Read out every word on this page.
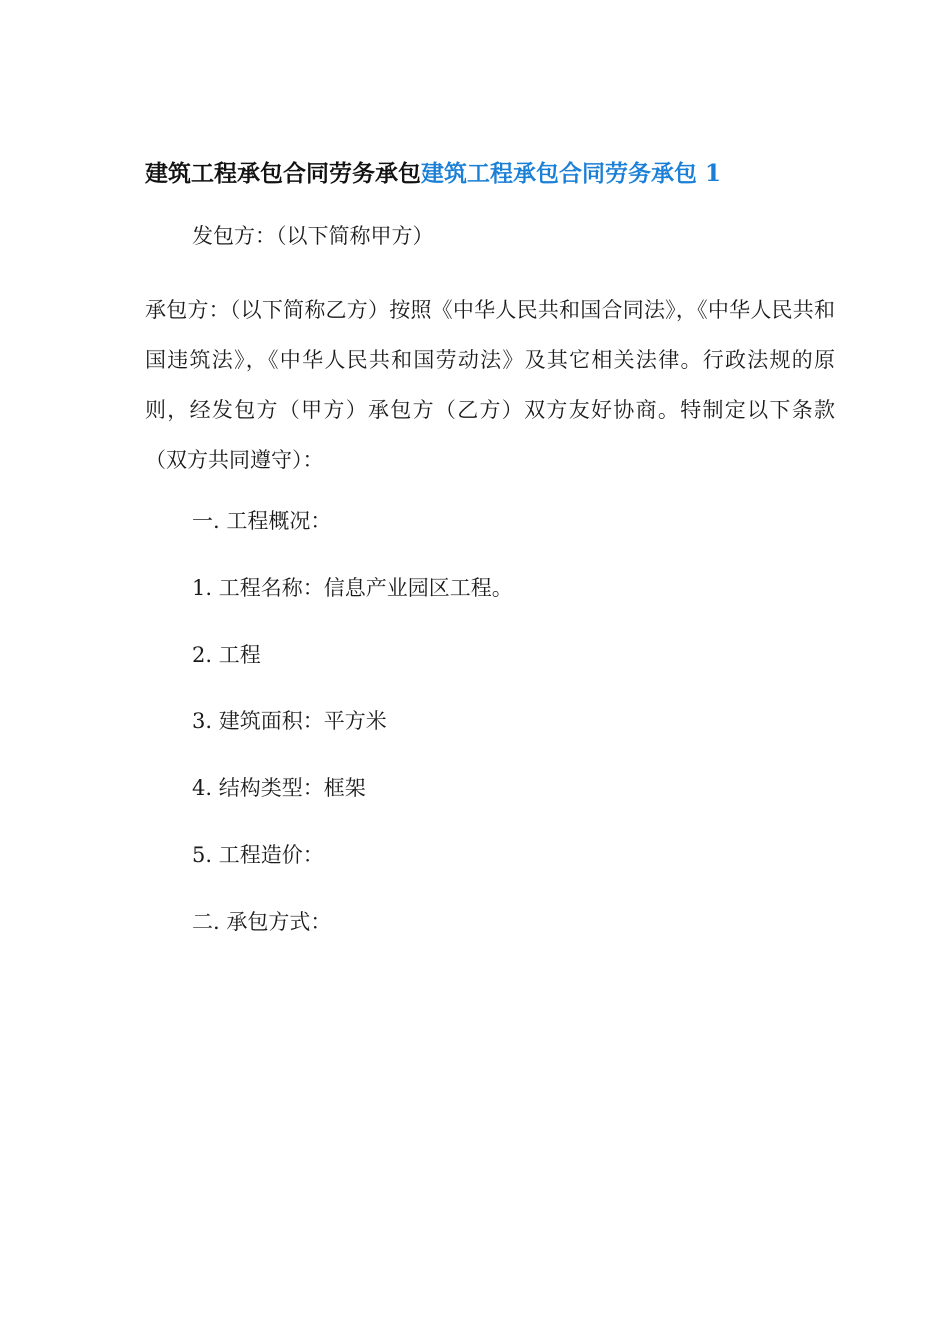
建筑工程承包合同劳务承包建筑工程承包合同劳务承包 1
发包方：（以下简称甲方）
承包方：（以下简称乙方）按照《中华人民共和国合同法》，《中华人民共和国违筑法》，《中华人民共和国劳动法》及其它相关法律。行政法规的原则，经发包方（甲方）承包方（乙方）双方友好协商。特制定以下条款（双方共同遵守）：
一. 工程概况：
1. 工程名称：信息产业园区工程。
2. 工程
3. 建筑面积：平方米
4. 结构类型：框架
5. 工程造价：
二. 承包方式：
